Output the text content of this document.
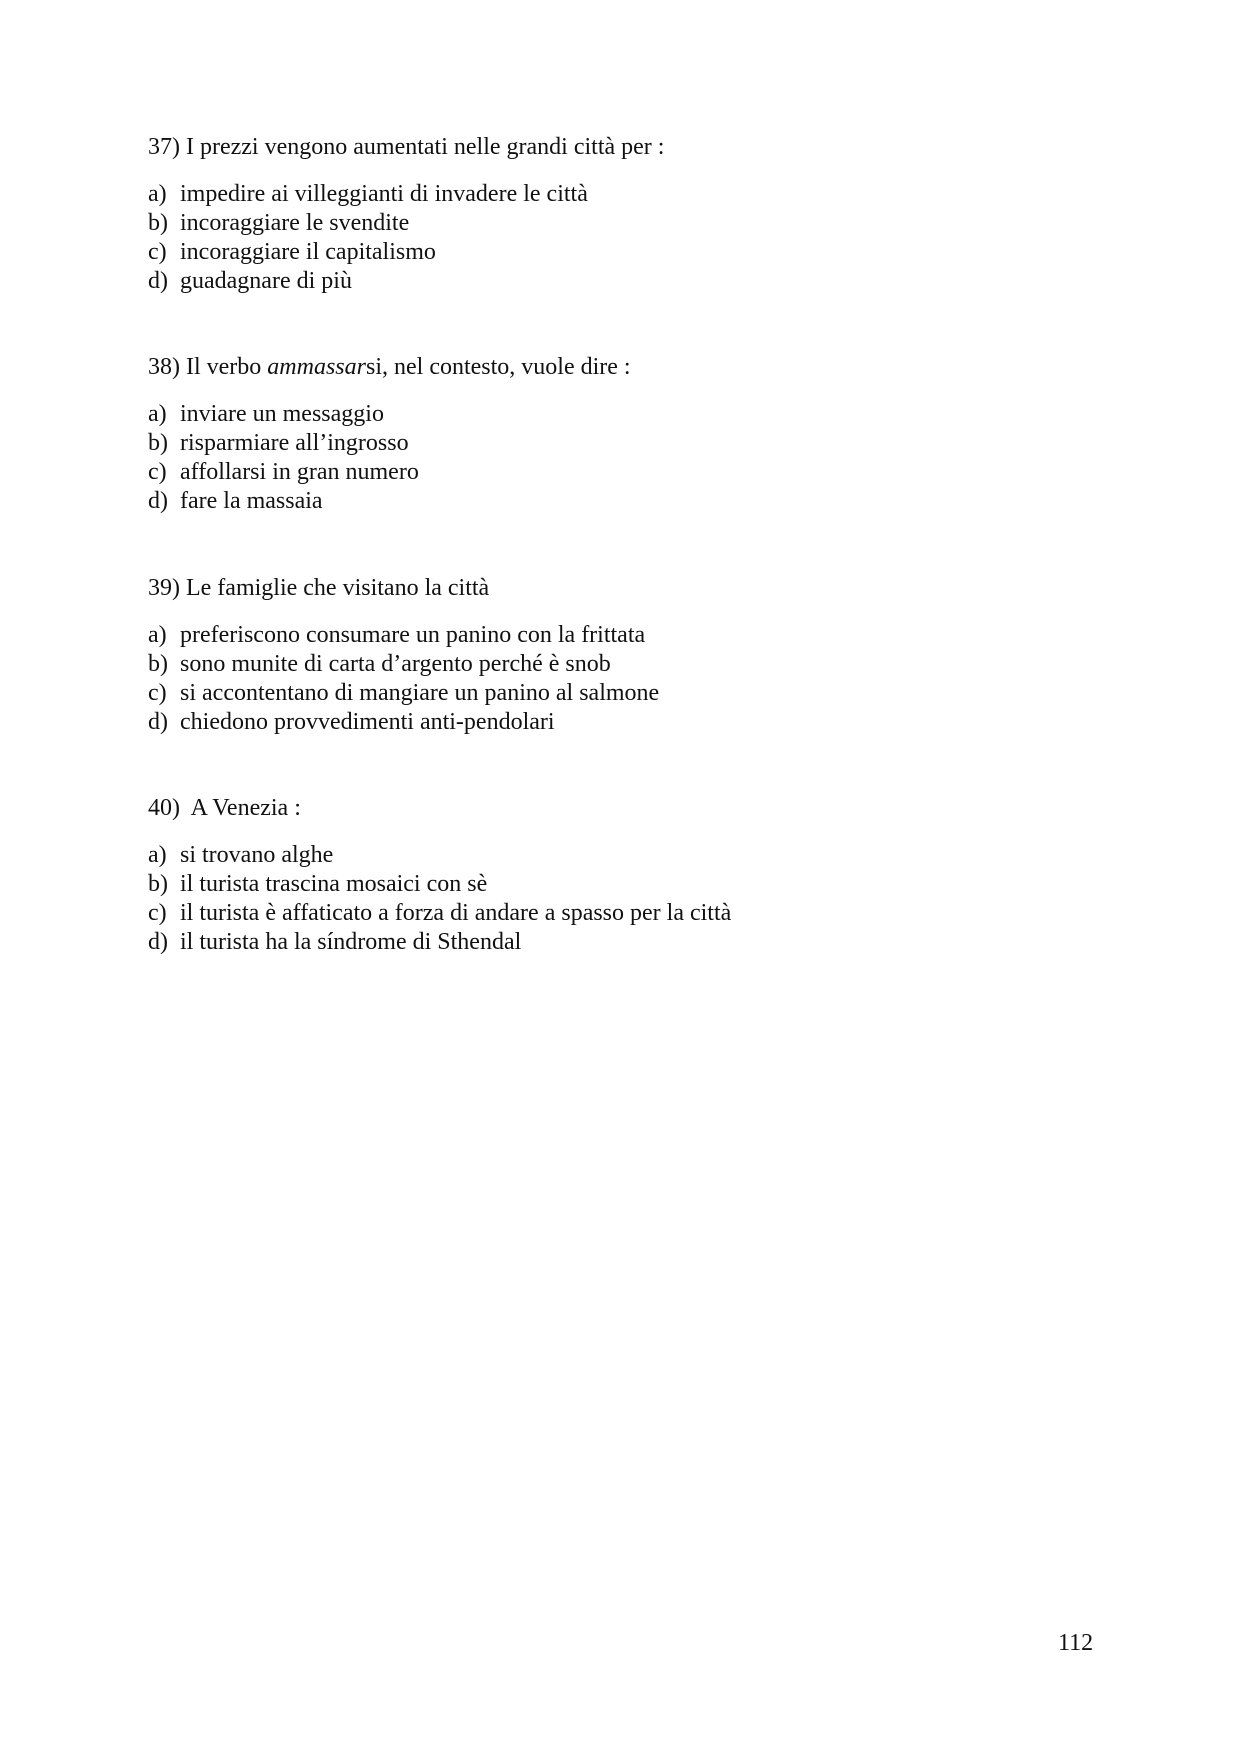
37) I prezzi vengono aumentati nelle grandi città per :
a) impedire ai villeggianti di invadere le città
b) incoraggiare le svendite
c) incoraggiare il capitalismo
d) guadagnare di più
38) Il verbo ammassarsi, nel contesto, vuole dire :
a) inviare un messaggio
b) risparmiare all’ingrosso
c) affollarsi in gran numero
d) fare la massaia
39) Le famiglie che visitano la città
a) preferiscono consumare un panino con la frittata
b) sono munite di carta d’argento perché è snob
c) si accontentano di mangiare un panino al salmone
d) chiedono provvedimenti anti-pendolari
40)  A Venezia :
a) si trovano alghe
b) il turista trascina mosaici con sè
c) il turista è affaticato a forza di andare a spasso per la città
d) il turista ha la síndrome di Sthendal
112
